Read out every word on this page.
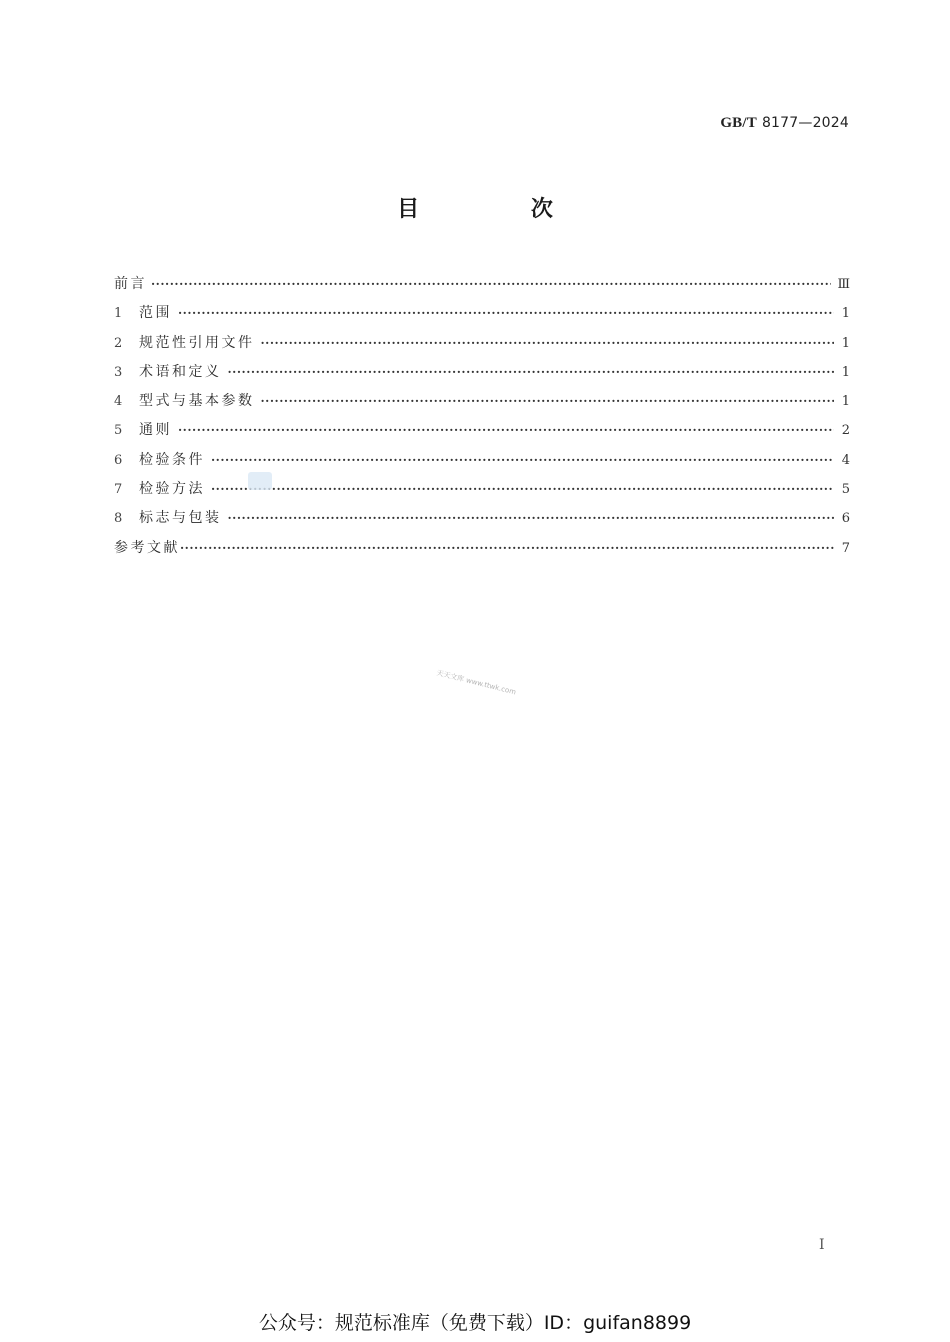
GB/T 8177—2024
目 次
前言 ·····	Ⅲ
1	范围 ·····	1
2	规范性引用文件 ·····	1
3	术语和定义 ·····	1
4	型式与基本参数 ·····	1
5	通则 ·····	2
6	检验条件 ·····	4
7	检验方法 ·····	5
8	标志与包装 ·····	6
参考文献 ·····	7
天天文库 www.ttwk.com
I
公众号：规范标准库（免费下载）ID：guifan8899
